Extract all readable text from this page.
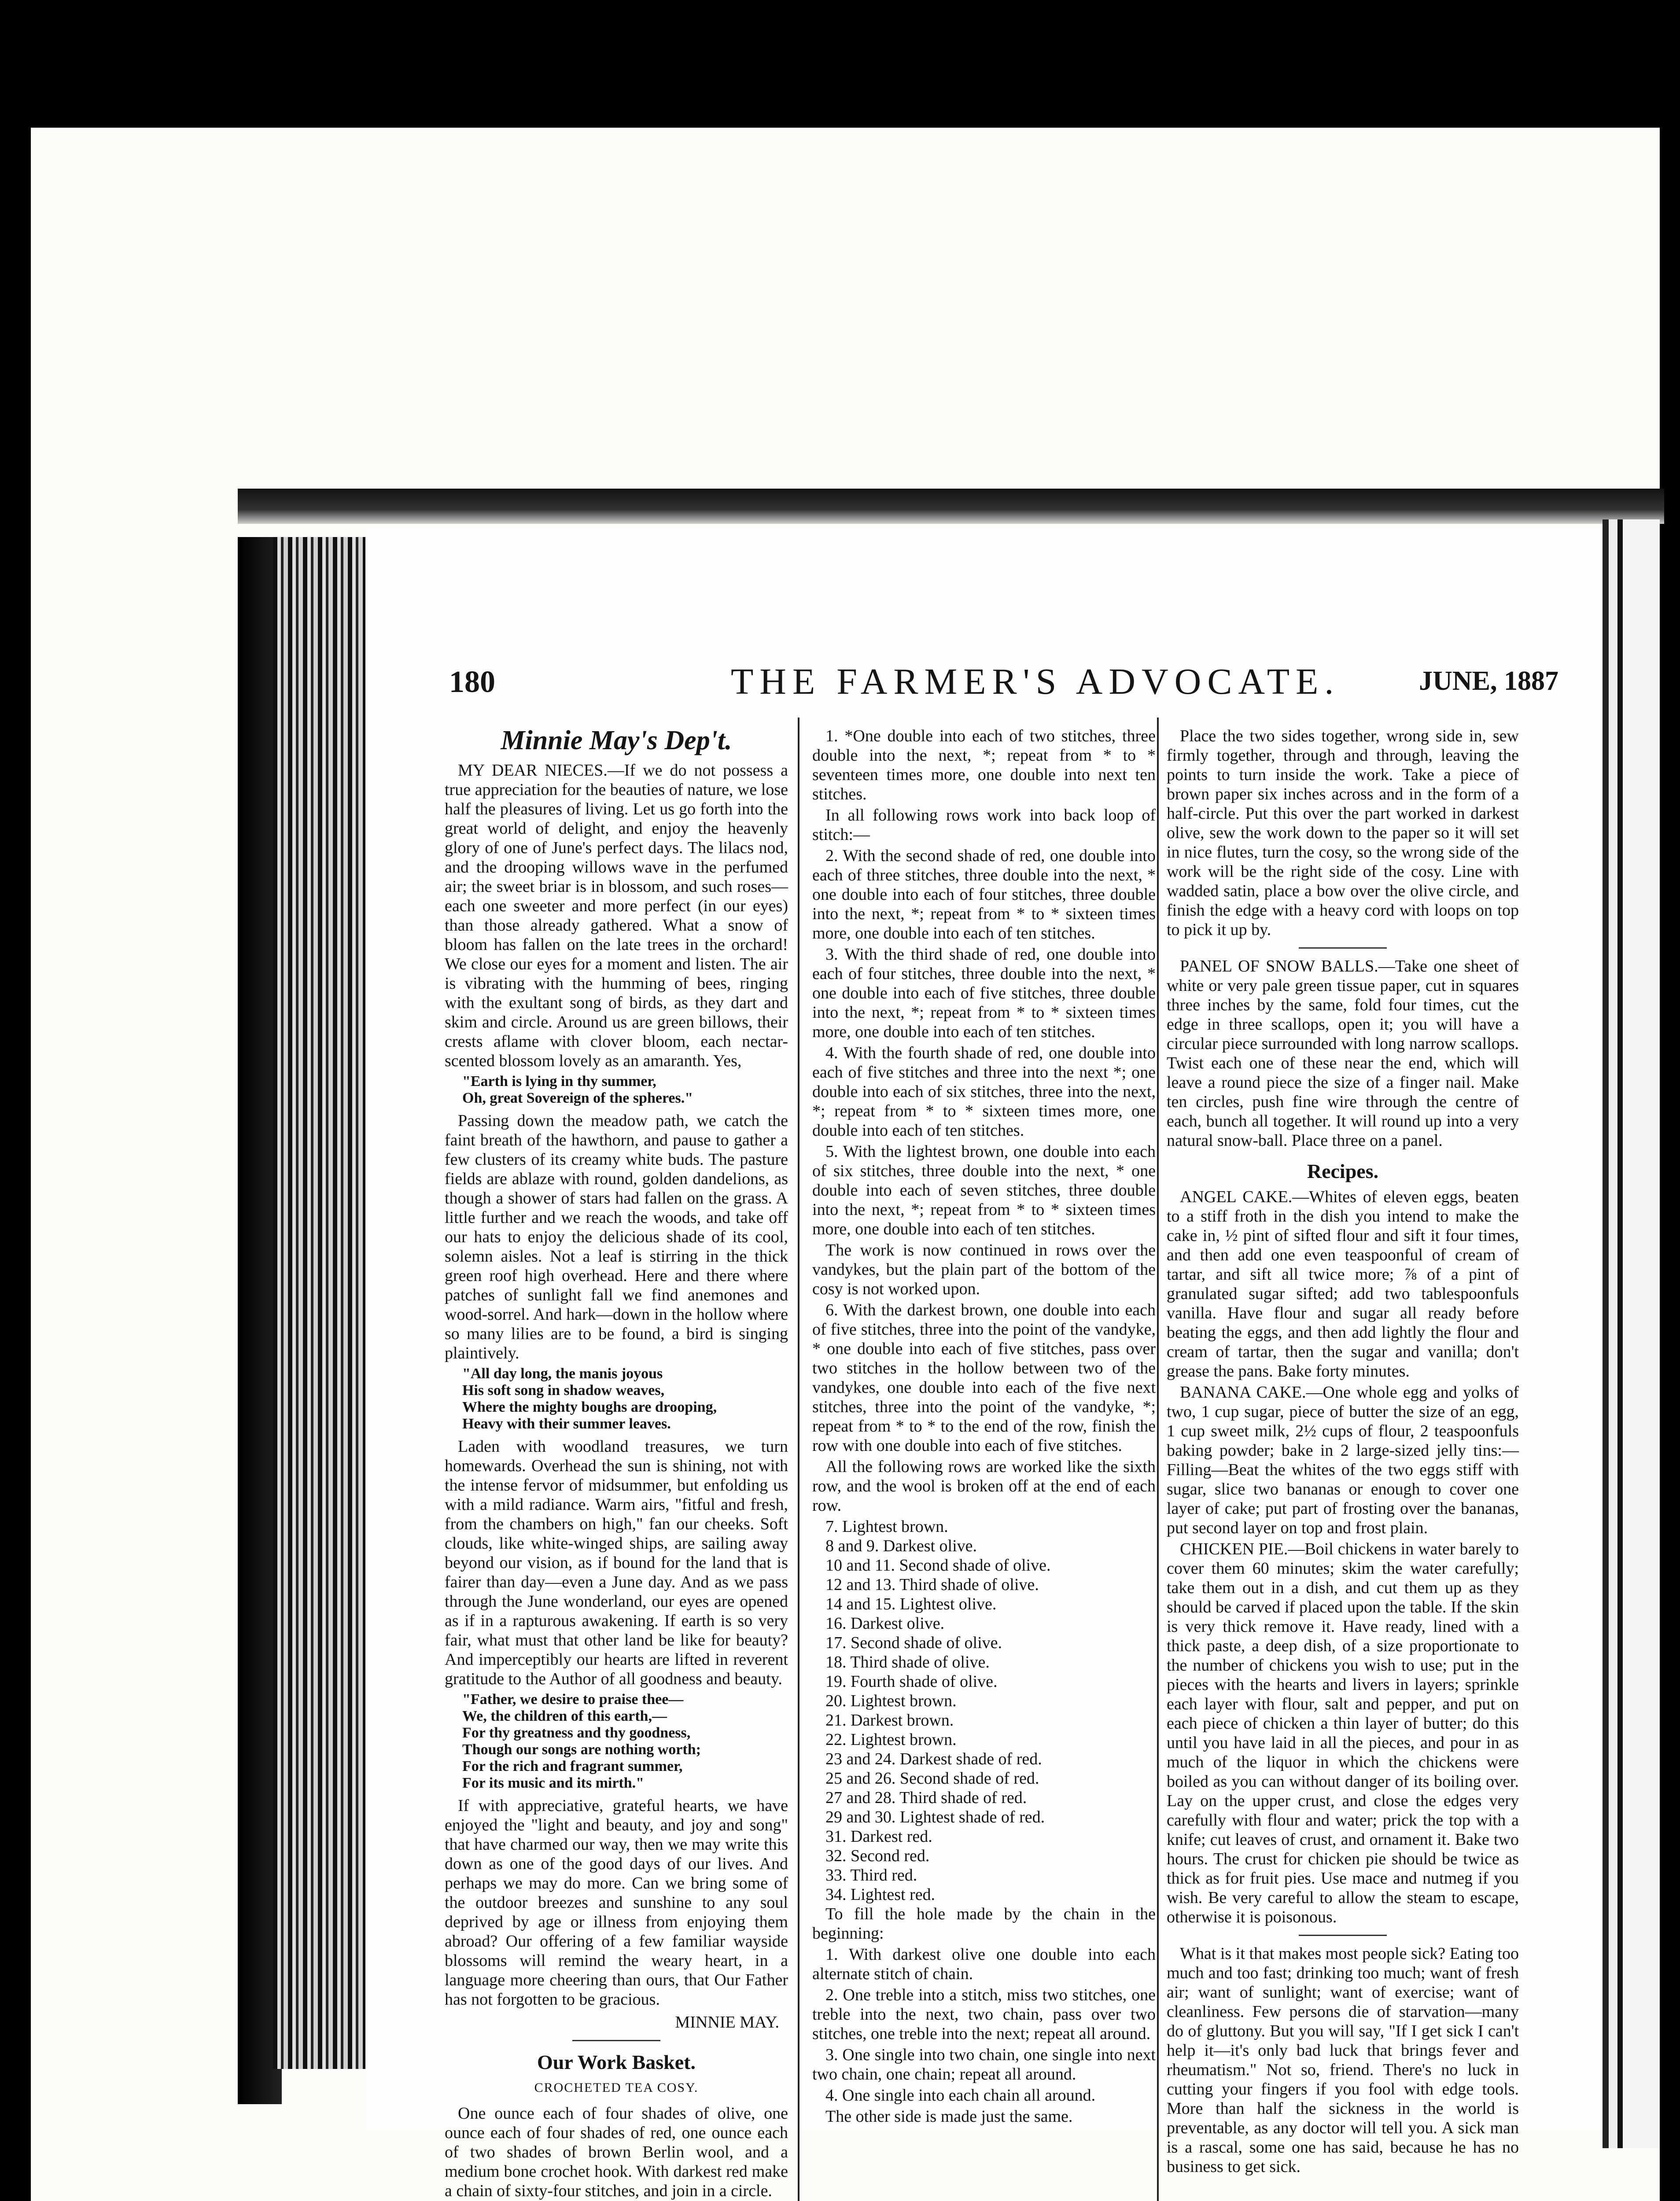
180	THE FARMER'S ADVOCATE.	JUNE, 1887
Minnie May's Dep't.

MY DEAR NIECES.—If we do not possess a true appreciation for the beauties of nature, we lose half the pleasures of living. Let us go forth into the great world of delight, and enjoy the heavenly glory of one of June's perfect days. The lilacs nod, and the drooping willows wave in the perfumed air; the sweet briar is in blossom, and such roses—each one sweeter and more perfect (in our eyes) than those already gathered. What a snow of bloom has fallen on the late trees in the orchard! We close our eyes for a moment and listen. The air is vibrating with the humming of bees, ringing with the exultant song of birds, as they dart and skim and circle. Around us are green billows, their crests aflame with clover bloom, each nectar-scented blossom lovely as an amaranth. Yes,

"Earth is lying in thy summer,
Oh, great Sovereign of the spheres."

Passing down the meadow path, we catch the faint breath of the hawthorn, and pause to gather a few clusters of its creamy white buds. The pasture fields are ablaze with round, golden dandelions, as though a shower of stars had fallen on the grass. A little further and we reach the woods, and take off our hats to enjoy the delicious shade of its cool, solemn aisles. Not a leaf is stirring in the thick green roof high overhead. Here and there where patches of sunlight fall we find anemones and wood-sorrel. And hark—down in the hollow where so many lilies are to be found, a bird is singing plaintively.

"All day long, the manis joyous
His soft song in shadow weaves,
Where the mighty boughs are drooping,
Heavy with their summer leaves.

Laden with woodland treasures, we turn homewards. Overhead the sun is shining, not with the intense fervor of midsummer, but enfolding us with a mild radiance. Warm airs, "fitful and fresh, from the chambers on high," fan our cheeks. Soft clouds, like white-winged ships, are sailing away beyond our vision, as if bound for the land that is fairer than day—even a June day. And as we pass through the June wonderland, our eyes are opened as if in a rapturous awakening. If earth is so very fair, what must that other land be like for beauty? And imperceptibly our hearts are lifted in reverent gratitude to the Author of all goodness and beauty.

"Father, we desire to praise thee—
We, the children of this earth,—
For thy greatness and thy goodness,
Though our songs are nothing worth;
For the rich and fragrant summer,
For its music and its mirth."

If with appreciative, grateful hearts, we have enjoyed the "light and beauty, and joy and song" that have charmed our way, then we may write this down as one of the good days of our lives. And perhaps we may do more. Can we bring some of the outdoor breezes and sunshine to any soul deprived by age or illness from enjoying them abroad? Our offering of a few familiar wayside blossoms will remind the weary heart, in a language more cheering than ours, that Our Father has not forgotten to be gracious.

MINNIE MAY.
Our Work Basket.
CROCHETED TEA COSY.

One ounce each of four shades of olive, one ounce each of four shades of red, one ounce each of two shades of brown Berlin wool, and a medium bone crochet hook. With darkest red make a chain of sixty-four stitches, and join in a circle.

1. *One double into each of two stitches, three double into the next, *; repeat from * to * seventeen times more, one double into next ten stitches.

In all following rows work into back loop of stitch:—

2. With the second shade of red, one double into each of three stitches, three double into the next, * one double into each of four stitches, three double into the next, *; repeat from * to * sixteen times more, one double into each of ten stitches.

3. With the third shade of red, one double into each of four stitches, three double into the next, * one double into each of five stitches, three double into the next, *; repeat from * to * sixteen times more, one double into each of ten stitches.

4. With the fourth shade of red, one double into each of five stitches and three into the next *; one double into each of six stitches, three into the next, *; repeat from * to * sixteen times more, one double into each of ten stitches.

5. With the lightest brown, one double into each of six stitches, three double into the next, * one double into each of seven stitches, three double into the next, *; repeat from * to * sixteen times more, one double into each of ten stitches.

The work is now continued in rows over the vandykes, but the plain part of the bottom of the cosy is not worked upon.

6. With the darkest brown, one double into each of five stitches, three into the point of the vandyke, * one double into each of five stitches, pass over two stitches in the hollow between two of the vandykes, one double into each of the five next stitches, three into the point of the vandyke, *; repeat from * to * to the end of the row, finish the row with one double into each of five stitches.

All the following rows are worked like the sixth row, and the wool is broken off at the end of each row.

7. Lightest brown.
8 and 9. Darkest olive.
10 and 11. Second shade of olive.
12 and 13. Third shade of olive.
14 and 15. Lightest olive.
16. Darkest olive.
17. Second shade of olive.
18. Third shade of olive.
19. Fourth shade of olive.
20. Lightest brown.
21. Darkest brown.
22. Lightest brown.
23 and 24. Darkest shade of red.
25 and 26. Second shade of red.
27 and 28. Third shade of red.
29 and 30. Lightest shade of red.
31. Darkest red.
32. Second red.
33. Third red.
34. Lightest red.

To fill the hole made by the chain in the beginning:

1. With darkest olive one double into each alternate stitch of chain.

2. One treble into a stitch, miss two stitches, one treble into the next, two chain, pass over two stitches, one treble into the next; repeat all around.

3. One single into two chain, one single into next two chain, one chain; repeat all around.

4. One single into each chain all around.

The other side is made just the same.

Place the two sides together, wrong side in, sew firmly together, through and through, leaving the points to turn inside the work. Take a piece of brown paper six inches across and in the form of a half-circle. Put this over the part worked in darkest olive, sew the work down to the paper so it will set in nice flutes, turn the cosy, so the wrong side of the work will be the right side of the cosy. Line with wadded satin, place a bow over the olive circle, and finish the edge with a heavy cord with loops on top to pick it up by.

PANEL OF SNOW BALLS.—Take one sheet of white or very pale green tissue paper, cut in squares three inches by the same, fold four times, cut the edge in three scallops, open it; you will have a circular piece surrounded with long narrow scallops. Twist each one of these near the end, which will leave a round piece the size of a finger nail. Make ten circles, push fine wire through the centre of each, bunch all together. It will round up into a very natural snow-ball. Place three on a panel.

Recipes.

ANGEL CAKE.—Whites of eleven eggs, beaten to a stiff froth in the dish you intend to make the cake in, ½ pint of sifted flour and sift it four times, and then add one even teaspoonful of cream of tartar, and sift all twice more; ⅞ of a pint of granulated sugar sifted; add two tablespoonfuls vanilla. Have flour and sugar all ready before beating the eggs, and then add lightly the flour and cream of tartar, then the sugar and vanilla; don't grease the pans. Bake forty minutes.

BANANA CAKE.—One whole egg and yolks of two, 1 cup sugar, piece of butter the size of an egg, 1 cup sweet milk, 2½ cups of flour, 2 teaspoonfuls baking powder; bake in 2 large-sized jelly tins:—Filling—Beat the whites of the two eggs stiff with sugar, slice two bananas or enough to cover one layer of cake; put part of frosting over the bananas, put second layer on top and frost plain.

CHICKEN PIE.—Boil chickens in water barely to cover them 60 minutes; skim the water carefully; take them out in a dish, and cut them up as they should be carved if placed upon the table. If the skin is very thick remove it. Have ready, lined with a thick paste, a deep dish, of a size proportionate to the number of chickens you wish to use; put in the pieces with the hearts and livers in layers; sprinkle each layer with flour, salt and pepper, and put on each piece of chicken a thin layer of butter; do this until you have laid in all the pieces, and pour in as much of the liquor in which the chickens were boiled as you can without danger of its boiling over. Lay on the upper crust, and close the edges very carefully with flour and water; prick the top with a knife; cut leaves of crust, and ornament it. Bake two hours. The crust for chicken pie should be twice as thick as for fruit pies. Use mace and nutmeg if you wish. Be very careful to allow the steam to escape, otherwise it is poisonous.

What is it that makes most people sick? Eating too much and too fast; drinking too much; want of fresh air; want of sunlight; want of exercise; want of cleanliness. Few persons die of starvation—many do of gluttony. But you will say, "If I get sick I can't help it—it's only bad luck that brings fever and rheumatism." Not so, friend. There's no luck in cutting your fingers if you fool with edge tools. More than half the sickness in the world is preventable, as any doctor will tell you. A sick man is a rascal, some one has said, because he has no business to get sick.
